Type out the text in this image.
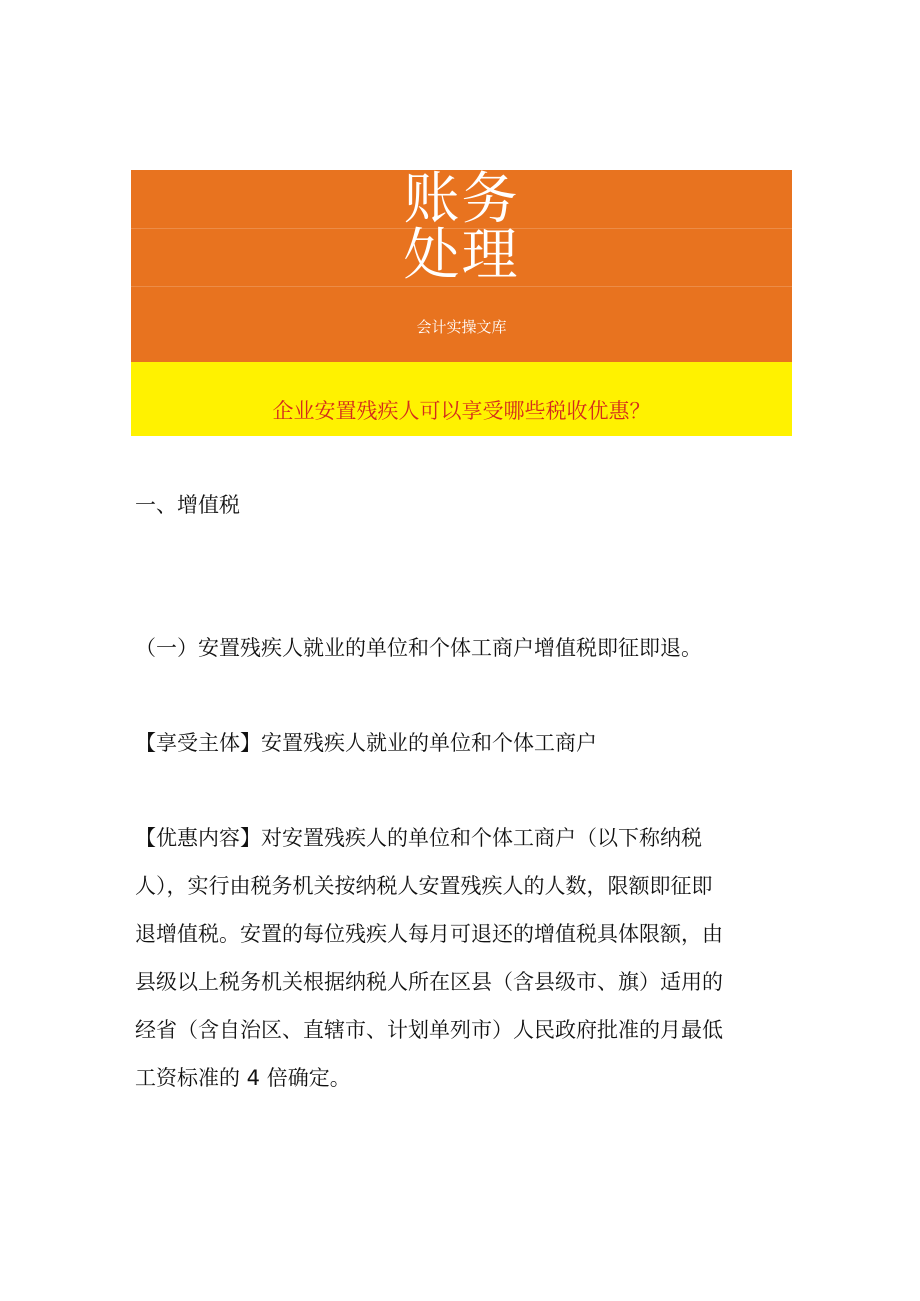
账务
处理
会计实操文库
企业安置残疾人可以享受哪些税收优惠？
一、增值税
（一）安置残疾人就业的单位和个体工商户增值税即征即退。
【享受主体】安置残疾人就业的单位和个体工商户
【优惠内容】对安置残疾人的单位和个体工商户（以下称纳税
人），实行由税务机关按纳税人安置残疾人的人数，限额即征即
退增值税。安置的每位残疾人每月可退还的增值税具体限额，由
县级以上税务机关根据纳税人所在区县（含县级市、旗）适用的
经省（含自治区、直辖市、计划单列市）人民政府批准的月最低
工资标准的 4 倍确定。
